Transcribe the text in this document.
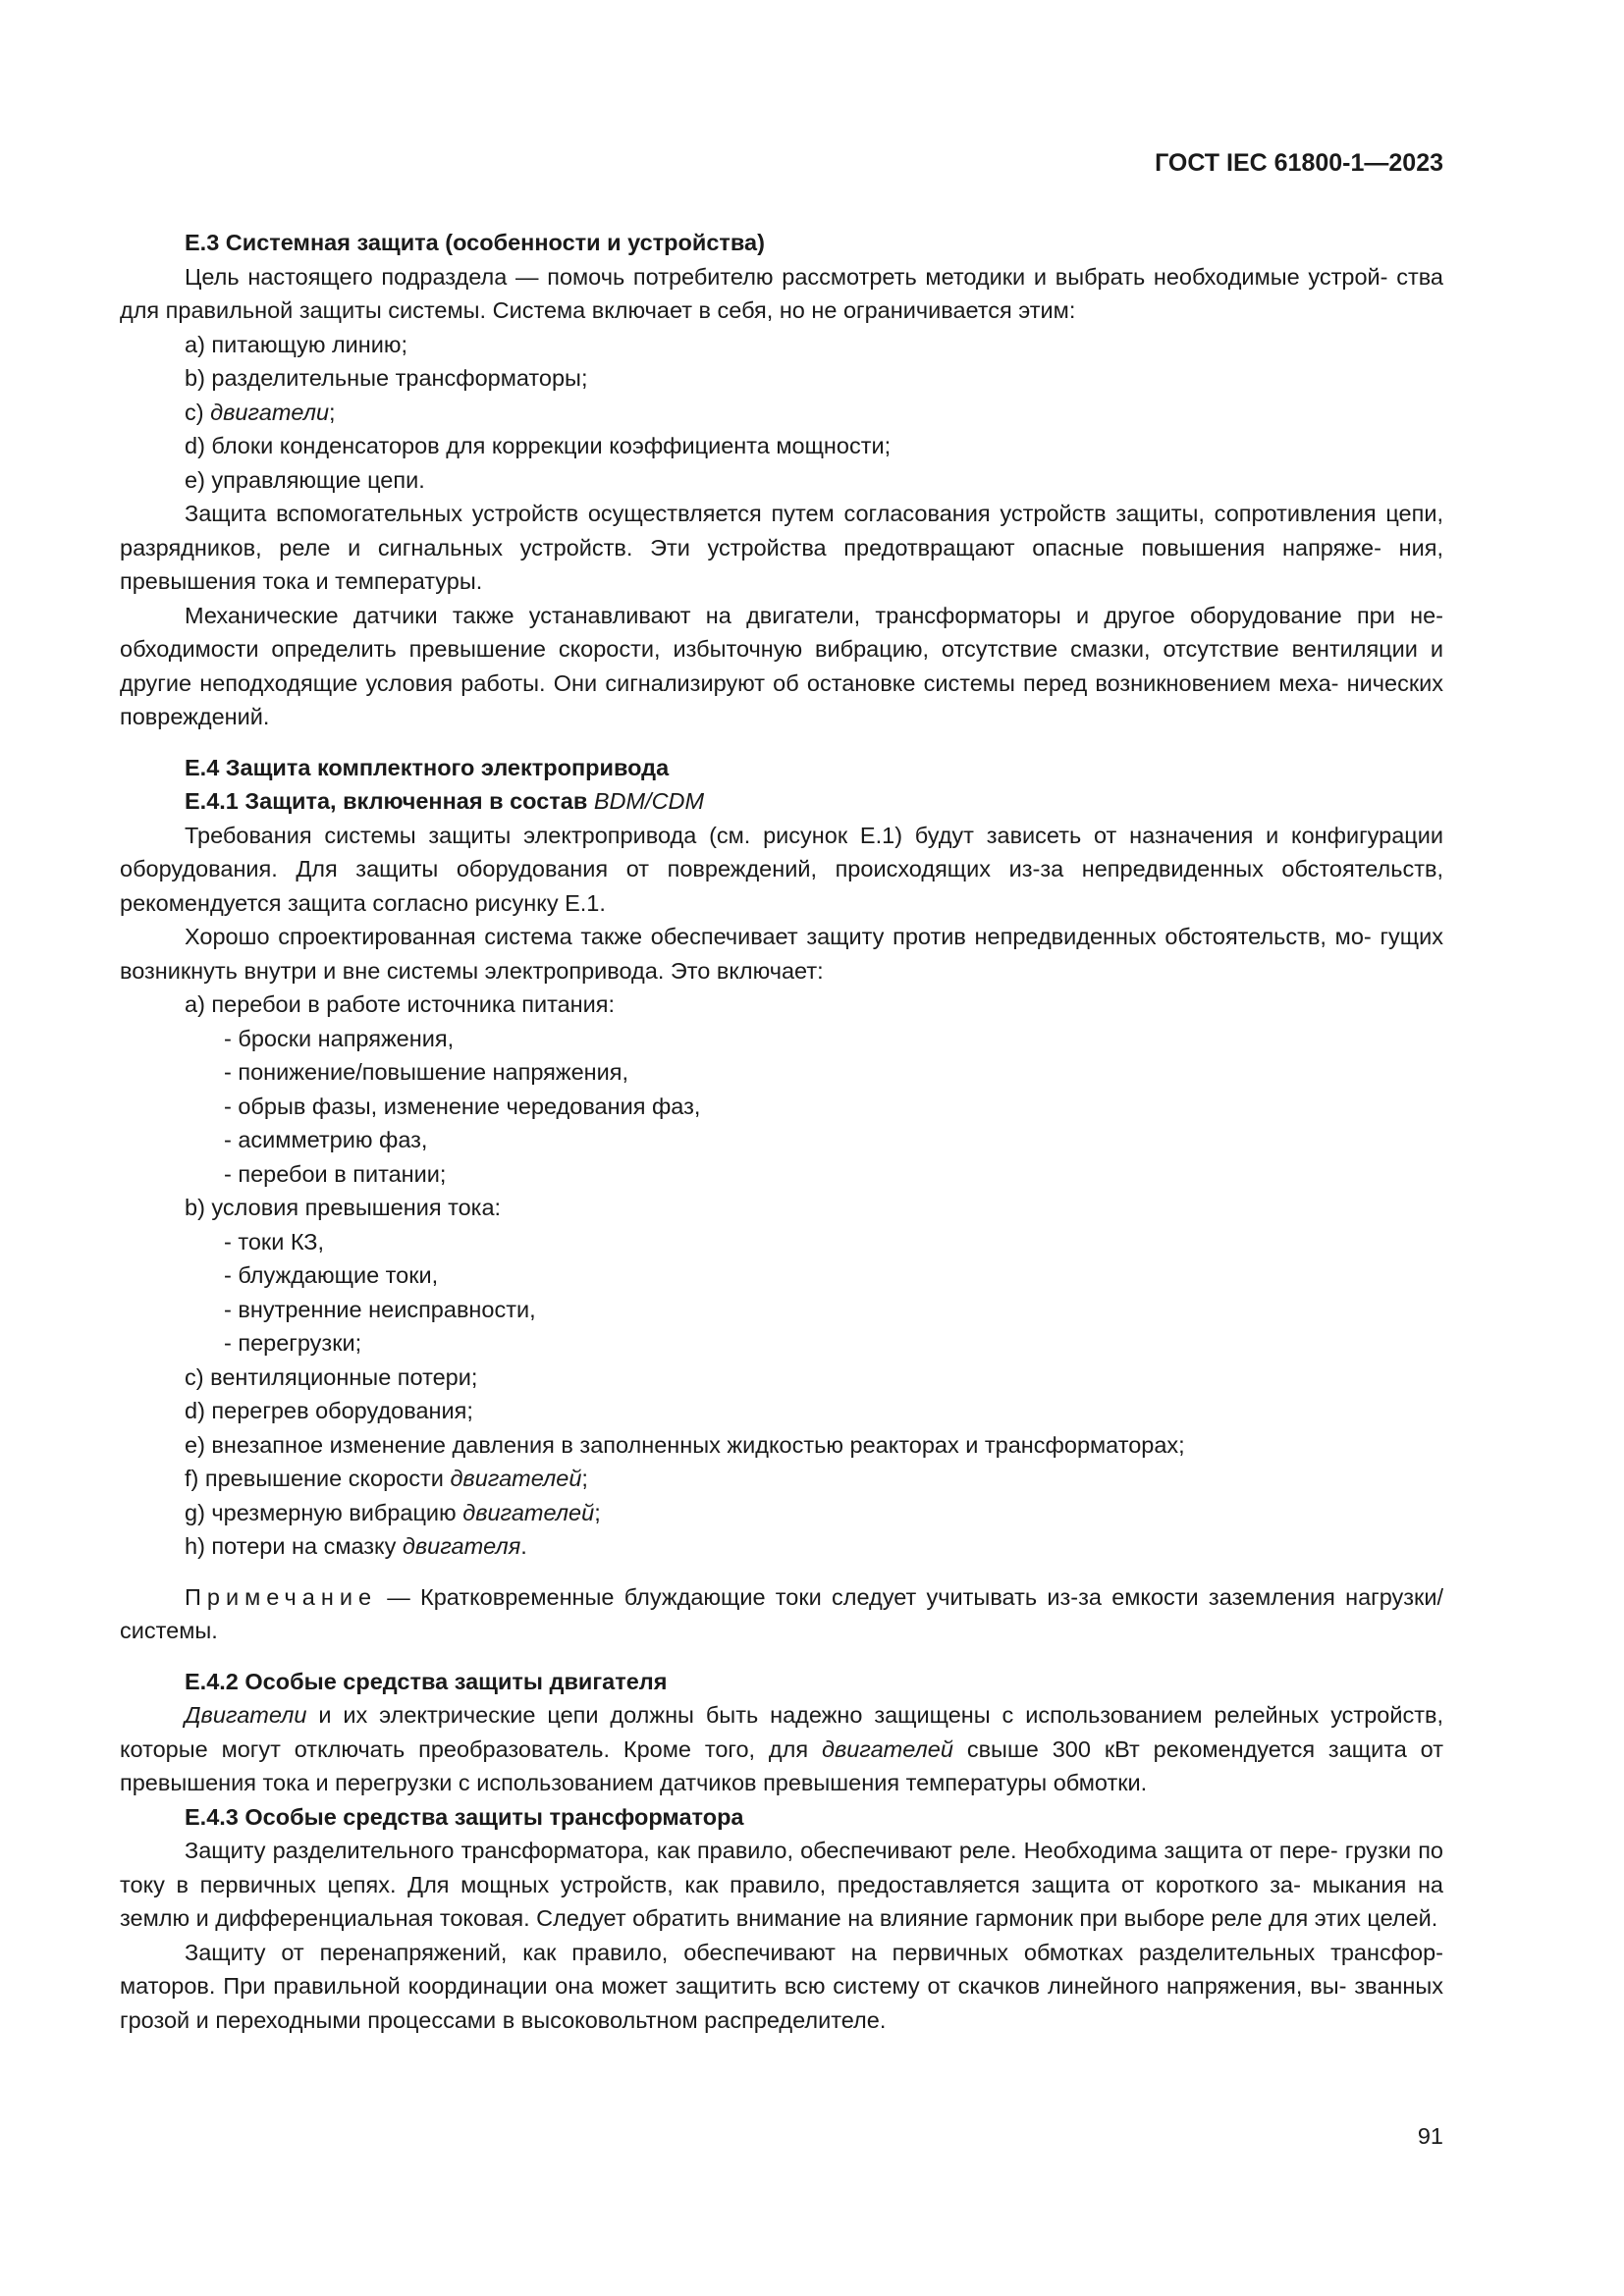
ГОСТ IEC 61800-1—2023
Е.3 Системная защита (особенности и устройства)
Цель настоящего подраздела — помочь потребителю рассмотреть методики и выбрать необходимые устрой- ства для правильной защиты системы. Система включает в себя, но не ограничивается этим:
а) питающую линию;
b) разделительные трансформаторы;
с) двигатели;
d) блоки конденсаторов для коррекции коэффициента мощности;
е) управляющие цепи.
Защита вспомогательных устройств осуществляется путем согласования устройств защиты, сопротивления цепи, разрядников, реле и сигнальных устройств. Эти устройства предотвращают опасные повышения напряже- ния, превышения тока и температуры.
Механические датчики также устанавливают на двигатели, трансформаторы и другое оборудование при не- обходимости определить превышение скорости, избыточную вибрацию, отсутствие смазки, отсутствие вентиляции и другие неподходящие условия работы. Они сигнализируют об остановке системы перед возникновением меха- нических повреждений.
Е.4 Защита комплектного электропривода
Е.4.1 Защита, включенная в состав BDM/CDM
Требования системы защиты электропривода (см. рисунок Е.1) будут зависеть от назначения и конфигурации оборудования. Для защиты оборудования от повреждений, происходящих из-за непредвиденных обстоятельств, рекомендуется защита согласно рисунку Е.1.
Хорошо спроектированная система также обеспечивает защиту против непредвиденных обстоятельств, мо- гущих возникнуть внутри и вне системы электропривода. Это включает:
а) перебои в работе источника питания:
- броски напряжения,
- понижение/повышение напряжения,
- обрыв фазы, изменение чередования фаз,
- асимметрию фаз,
- перебои в питании;
b) условия превышения тока:
- токи КЗ,
- блуждающие токи,
- внутренние неисправности,
- перегрузки;
с) вентиляционные потери;
d) перегрев оборудования;
е) внезапное изменение давления в заполненных жидкостью реакторах и трансформаторах;
f) превышение скорости двигателей;
g) чрезмерную вибрацию двигателей;
h) потери на смазку двигателя.
Примечание — Кратковременные блуждающие токи следует учитывать из-за емкости заземления нагрузки/системы.
Е.4.2 Особые средства защиты двигателя
Двигатели и их электрические цепи должны быть надежно защищены с использованием релейных устройств, которые могут отключать преобразователь. Кроме того, для двигателей свыше 300 кВт рекомендуется защита от превышения тока и перегрузки с использованием датчиков превышения температуры обмотки.
Е.4.3 Особые средства защиты трансформатора
Защиту разделительного трансформатора, как правило, обеспечивают реле. Необходима защита от пере- грузки по току в первичных цепях. Для мощных устройств, как правило, предоставляется защита от короткого за- мыкания на землю и дифференциальная токовая. Следует обратить внимание на влияние гармоник при выборе реле для этих целей.
Защиту от перенапряжений, как правило, обеспечивают на первичных обмотках разделительных трансфор- маторов. При правильной координации она может защитить всю систему от скачков линейного напряжения, вы- званных грозой и переходными процессами в высоковольтном распределителе.
91
